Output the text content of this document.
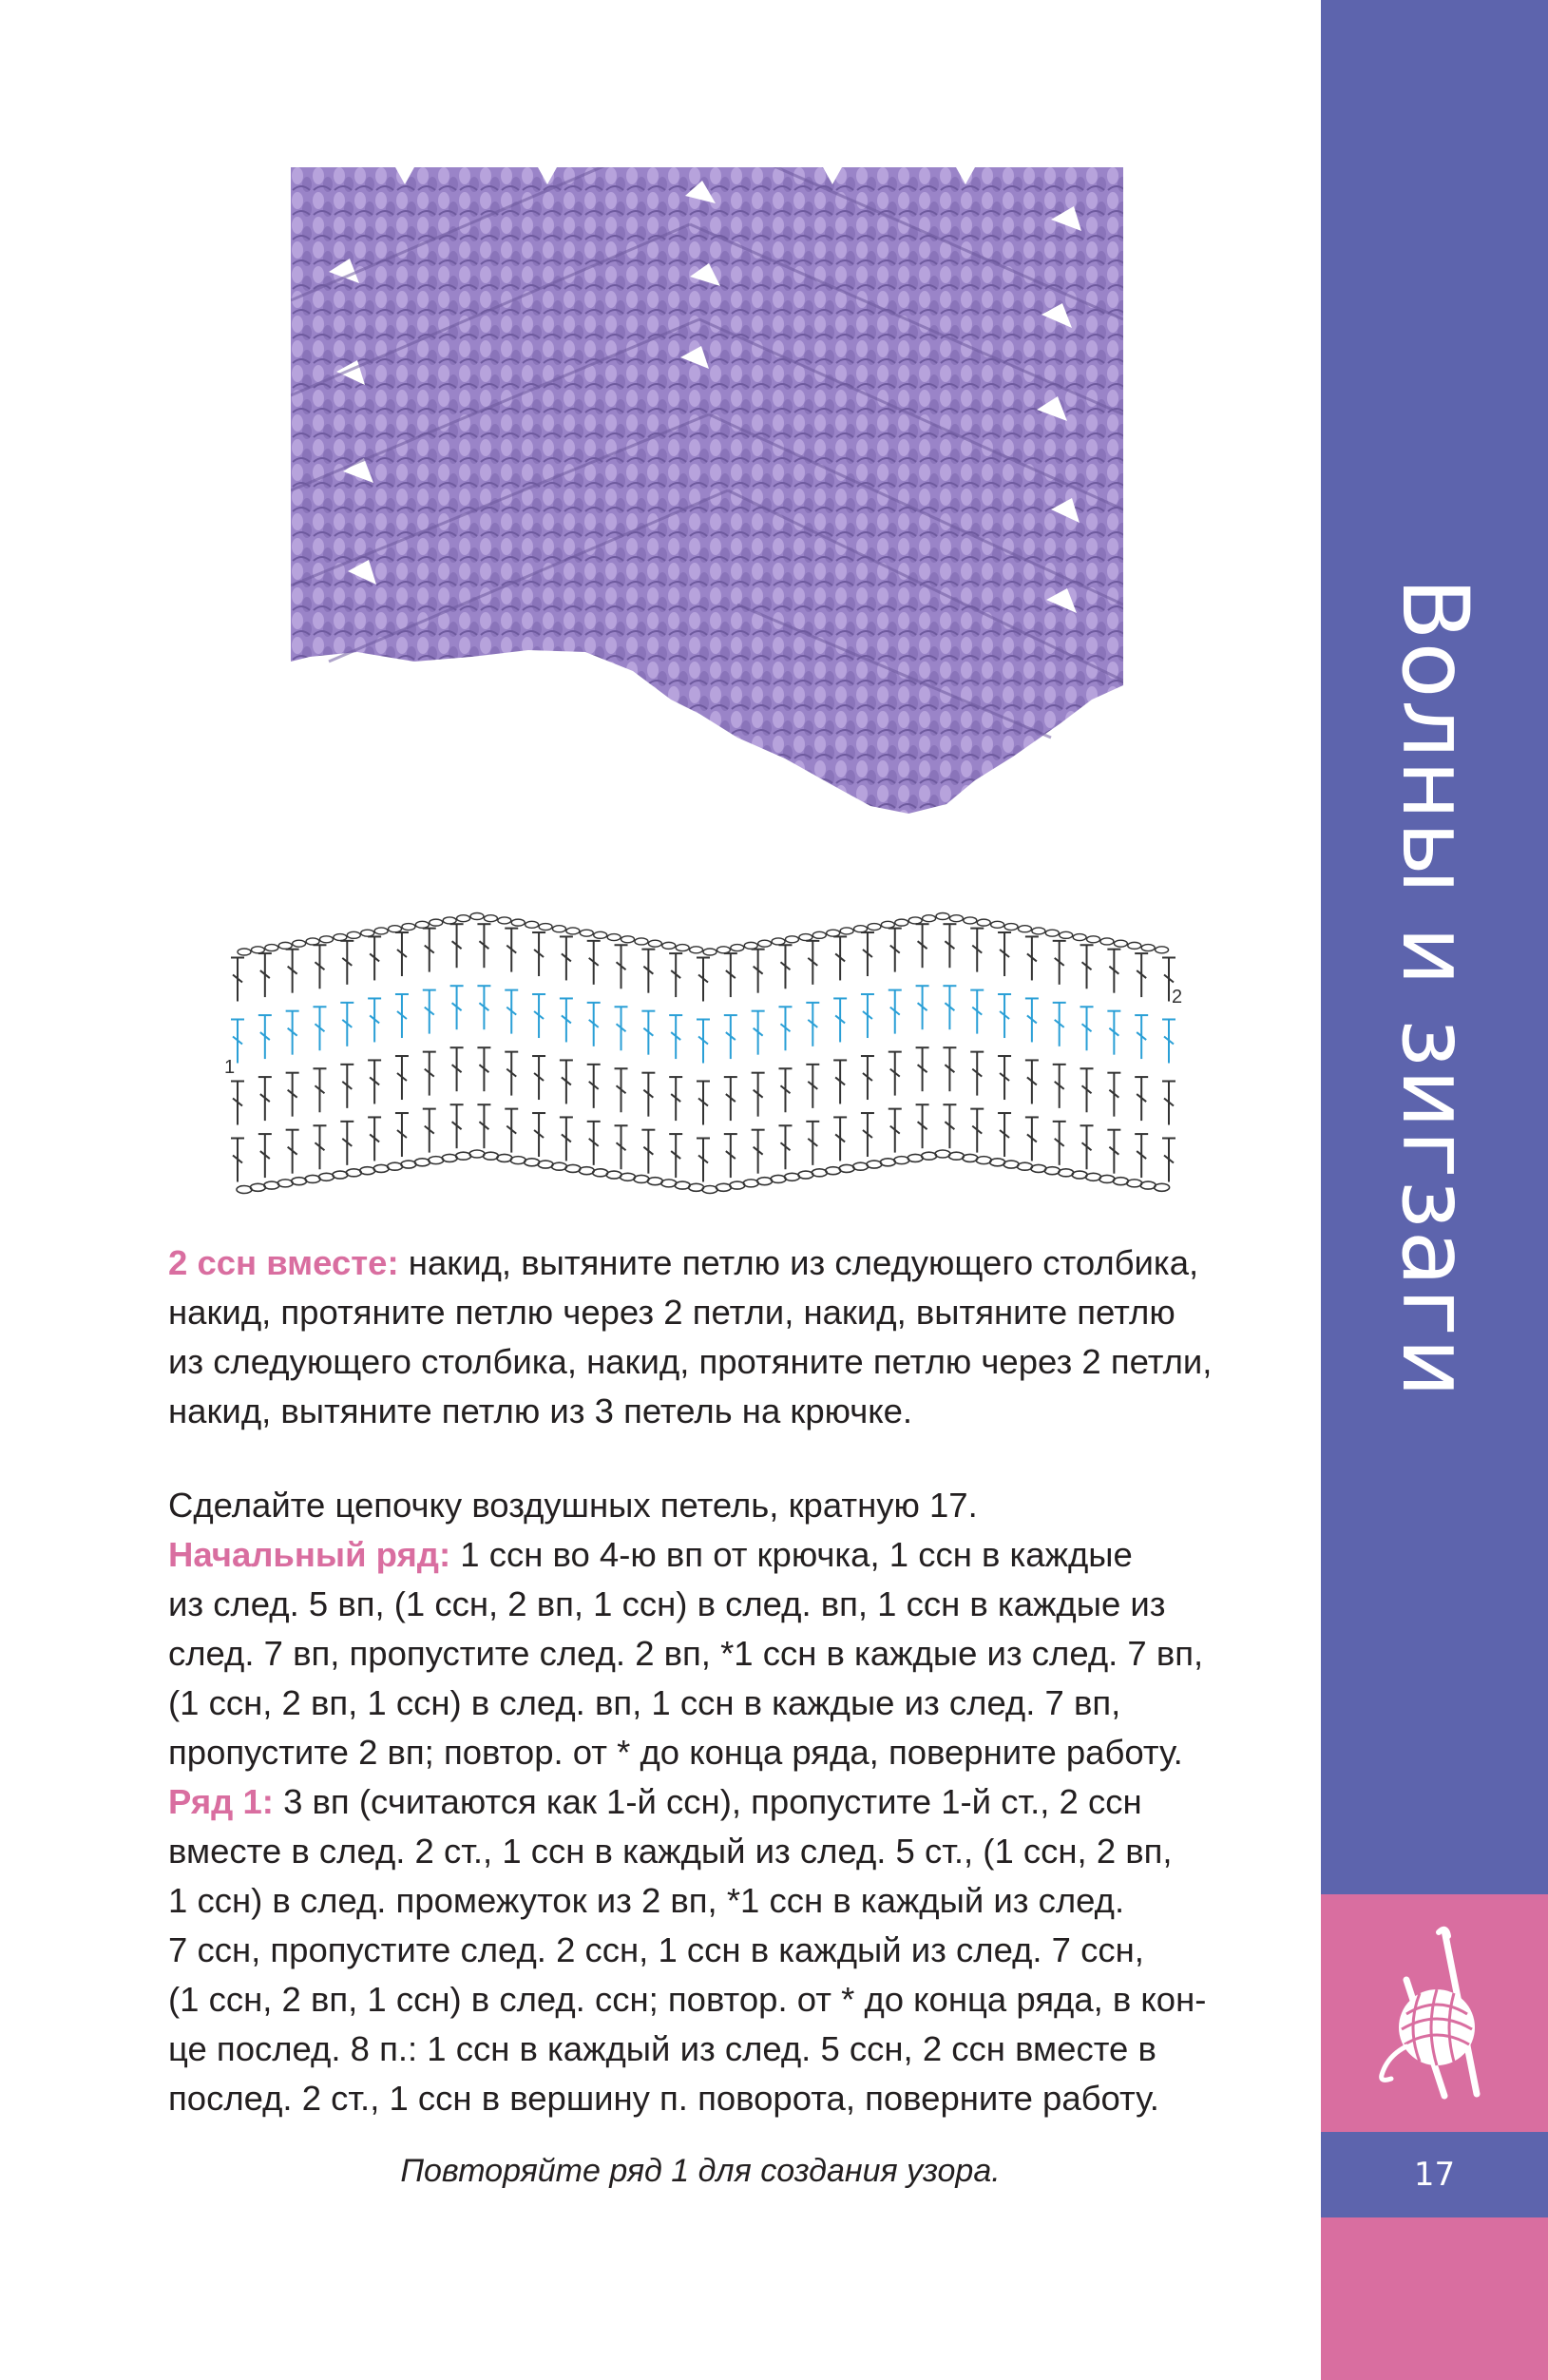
Волны и зигзаги
17
1
2

2 ссн вместе: накид, вытяните петлю из следующего столбика,

накид, протяните петлю через 2 петли, накид, вытяните петлю

из следующего столбика, накид, протяните петлю через 2 петли,

накид, вытяните петлю из 3 петель на крючке.

Сделайте цепочку воздушных петель, кратную 17.

Начальный ряд: 1 ссн во 4-ю вп от крючка, 1 ссн в каждые

из след. 5 вп, (1 ссн, 2 вп, 1 ссн) в след. вп, 1 ссн в каждые из

след. 7 вп, пропустите след. 2 вп, *1 ссн в каждые из след. 7 вп,

(1 ссн, 2 вп, 1 ссн) в след. вп, 1 ссн в каждые из след. 7 вп,

пропустите 2 вп; повтор. от * до конца ряда, поверните работу.

Ряд 1: 3 вп (считаются как 1-й ссн), пропустите 1-й ст., 2 ссн

вместе в след. 2 ст., 1 ссн в каждый из след. 5 ст., (1 ссн, 2 вп,

1 ссн) в след. промежуток из 2 вп, *1 ссн в каждый из след.

7 ссн, пропустите след. 2 ссн, 1 ссн в каждый из след. 7 ссн,

(1 ссн, 2 вп, 1 ссн) в след. ссн; повтор. от * до конца ряда, в кон-

це послед. 8 п.: 1 ссн в каждый из след. 5 ссн, 2 ссн вместе в

послед. 2 ст., 1 ссн в вершину п. поворота, поверните работу.

Повторяйте ряд 1 для создания узора.
